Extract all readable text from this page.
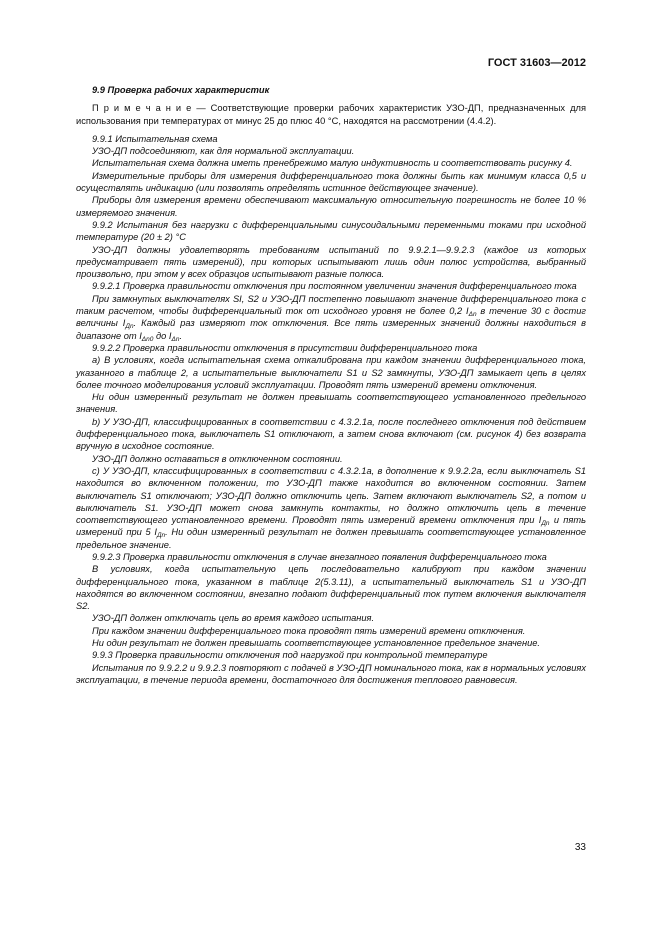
ГОСТ 31603—2012

9.9 Проверка рабочих характеристик

П р и м е ч а н и е — Соответствующие проверки рабочих характеристик УЗО-ДП, предназначенных для использования при температурах от минус 25 до плюс 40 °С, находятся на рассмотрении (4.4.2).

9.9.1 Испытательная схема

УЗО-ДП подсоединяют, как для нормальной эксплуатации.

Испытательная схема должна иметь пренебрежимо малую индуктивность и соответствовать рисунку 4.

Измерительные приборы для измерения дифференциального тока должны быть как минимум класса 0,5 и осуществлять индикацию (или позволять определять истинное действующее значение).

Приборы для измерения времени обеспечивают максимальную относительную погрешность не более 10 % измеряемого значения.

9.9.2 Испытания без нагрузки с дифференциальными синусоидальными переменными токами при исходной температуре (20 ± 2) °С

УЗО-ДП должны удовлетворять требованиям испытаний по 9.9.2.1—9.9.2.3 (каждое из которых предусматривает пять измерений), при которых испытывают лишь один полюс устройства, выбранный произвольно, при этом у всех образцов испытывают разные полюса.

9.9.2.1 Проверка правильности отключения при постоянном увеличении значения дифференциального тока

При замкнутых выключателях SI, S2 и УЗО-ДП постепенно повышают значение дифференциального тока с таким расчетом, чтобы дифференциальный ток от исходного уровня не более 0,2 $I_{\Delta n}$ в течение 30 с достиг величины $I_{Дn}$. Каждый раз измеряют ток отключения. Все пять измеренных значений должны находиться в диапазоне от $I_{\Delta n0}$ до $I_{\Delta n}$.

9.9.2.2 Проверка правильности отключения в присутствии дифференциального тока

а) В условиях, когда испытательная схема откалибрована при каждом значении дифференциального тока, указанного в таблице 2, а испытательные выключатели S1 и S2 замкнуты, УЗО-ДП замыкает цепь в целях более точного моделирования условий эксплуатации. Проводят пять измерений времени отключения.

Ни один измеренный результат не должен превышать соответствующего установленного предельного значения.

b) У УЗО-ДП, классифицированных в соответствии с 4.3.2.1а, после последнего отключения под действием дифференциального тока, выключатель S1 отключают, а затем снова включают (см. рисунок 4) без возврата вручную в исходное состояние.

УЗО-ДП должно оставаться в отключенном состоянии.

с) У УЗО-ДП, классифицированных в соответствии с 4.3.2.1а, в дополнение к 9.9.2.2а, если выключатель S1 находится во включенном положении, то УЗО-ДП также находится во включенном состоянии. Затем выключатель S1 отключают; УЗО-ДП должно отключить цепь. Затем включают выключатель S2, а потом и выключатель S1. УЗО-ДП может снова замкнуть контакты, но должно отключить цепь в течение соответствующего установленного времени. Проводят пять измерений времени отключения при $I_{Дn}$ и пять измерений при 5 $I_{Дn}$. Ни один измеренный результат не должен превышать соответствующее установленное предельное значение.

9.9.2.3 Проверка правильности отключения в случае внезапного появления дифференциального тока

В условиях, когда испытательную цепь последовательно калибруют при каждом значении дифференциального тока, указанном в таблице 2(5.3.11), а испытательный выключатель S1 и УЗО-ДП находятся во включенном состоянии, внезапно подают дифференциальный ток путем включения выключателя S2.

УЗО-ДП должен отключать цепь во время каждого испытания.

При каждом значении дифференциального тока проводят пять измерений времени отключения.

Ни один результат не должен превышать соответствующее установленное предельное значение.

9.9.3 Проверка правильности отключения под нагрузкой при контрольной температуре

Испытания по 9.9.2.2 и 9.9.2.3 повторяют с подачей в УЗО-ДП номинального тока, как в нормальных условиях эксплуатации, в течение периода времени, достаточного для достижения теплового равновесия.

33
